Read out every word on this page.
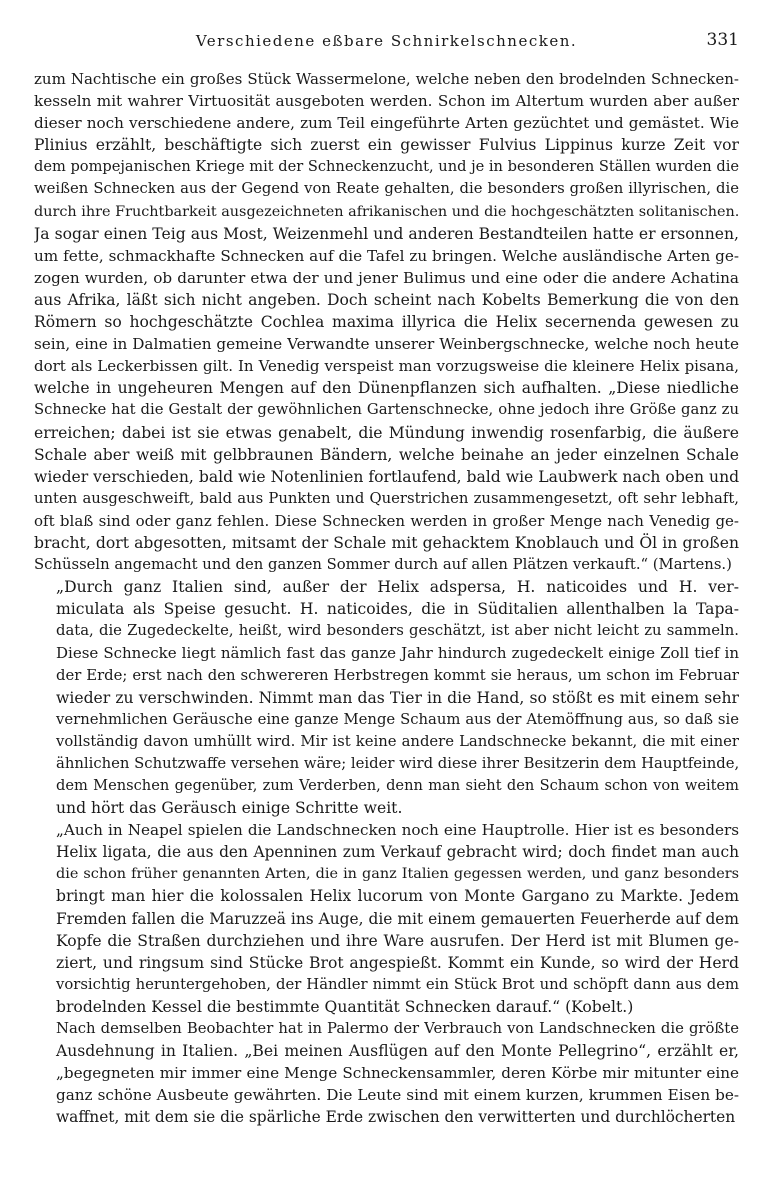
Verschiedene eßbare Schnirkelschnecken.	331

zum Nachtische ein großes Stück Wassermelone, welche neben den brodelnden Schnecken-
kesseln mit wahrer Virtuosität ausgeboten werden. Schon im Altertum wurden aber außer
dieser noch verschiedene andere, zum Teil eingeführte Arten gezüchtet und gemästet. Wie
Plinius erzählt, beschäftigte sich zuerst ein gewisser Fulvius Lippinus kurze Zeit vor
dem pompejanischen Kriege mit der Schneckenzucht, und je in besonderen Ställen wurden die
weißen Schnecken aus der Gegend von Reate gehalten, die besonders großen illyrischen, die
durch ihre Fruchtbarkeit ausgezeichneten afrikanischen und die hochgeschätzten solitanischen.
Ja sogar einen Teig aus Most, Weizenmehl und anderen Bestandteilen hatte er ersonnen,
um fette, schmackhafte Schnecken auf die Tafel zu bringen. Welche ausländische Arten ge-
zogen wurden, ob darunter etwa der und jener Bulimus und eine oder die andere Achatina
aus Afrika, läßt sich nicht angeben. Doch scheint nach Kobelts Bemerkung die von den
Römern so hochgeschätzte Cochlea maxima illyrica die Helix secernenda gewesen zu
sein, eine in Dalmatien gemeine Verwandte unserer Weinbergschnecke, welche noch heute
dort als Leckerbissen gilt. In Venedig verspeist man vorzugsweise die kleinere Helix pisana,
welche in ungeheuren Mengen auf den Dünenpflanzen sich aufhalten. „Diese niedliche
Schnecke hat die Gestalt der gewöhnlichen Gartenschnecke, ohne jedoch ihre Größe ganz zu
erreichen; dabei ist sie etwas genabelt, die Mündung inwendig rosenfarbig, die äußere
Schale aber weiß mit gelbbraunen Bändern, welche beinahe an jeder einzelnen Schale
wieder verschieden, bald wie Notenlinien fortlaufend, bald wie Laubwerk nach oben und
unten ausgeschweift, bald aus Punkten und Querstrichen zusammengesetzt, oft sehr lebhaft,
oft blaß sind oder ganz fehlen. Diese Schnecken werden in großer Menge nach Venedig ge-
bracht, dort abgesotten, mitsamt der Schale mit gehacktem Knoblauch und Öl in großen
Schüsseln angemacht und den ganzen Sommer durch auf allen Plätzen verkauft.“ (Martens.)

„Durch ganz Italien sind, außer der Helix adspersa, H. naticoides und H. ver-
miculata als Speise gesucht. H. naticoides, die in Süditalien allenthalben la Tapa-
data, die Zugedeckelte, heißt, wird besonders geschätzt, ist aber nicht leicht zu sammeln.
Diese Schnecke liegt nämlich fast das ganze Jahr hindurch zugedeckelt einige Zoll tief in
der Erde; erst nach den schwereren Herbstregen kommt sie heraus, um schon im Februar
wieder zu verschwinden. Nimmt man das Tier in die Hand, so stößt es mit einem sehr
vernehmlichen Geräusche eine ganze Menge Schaum aus der Atemöffnung aus, so daß sie
vollständig davon umhüllt wird. Mir ist keine andere Landschnecke bekannt, die mit einer
ähnlichen Schutzwaffe versehen wäre; leider wird diese ihrer Besitzerin dem Hauptfeinde,
dem Menschen gegenüber, zum Verderben, denn man sieht den Schaum schon von weitem
und hört das Geräusch einige Schritte weit.

„Auch in Neapel spielen die Landschnecken noch eine Hauptrolle. Hier ist es besonders
Helix ligata, die aus den Apenninen zum Verkauf gebracht wird; doch findet man auch
die schon früher genannten Arten, die in ganz Italien gegessen werden, und ganz besonders
bringt man hier die kolossalen Helix lucorum von Monte Gargano zu Markte. Jedem
Fremden fallen die Maruzzeä ins Auge, die mit einem gemauerten Feuerherde auf dem
Kopfe die Straßen durchziehen und ihre Ware ausrufen. Der Herd ist mit Blumen ge-
ziert, und ringsum sind Stücke Brot angespießt. Kommt ein Kunde, so wird der Herd
vorsichtig heruntergehoben, der Händler nimmt ein Stück Brot und schöpft dann aus dem
brodelnden Kessel die bestimmte Quantität Schnecken darauf.“ (Kobelt.)

Nach demselben Beobachter hat in Palermo der Verbrauch von Landschnecken die größte
Ausdehnung in Italien. „Bei meinen Ausflügen auf den Monte Pellegrino“, erzählt er,
„begegneten mir immer eine Menge Schneckensammler, deren Körbe mir mitunter eine
ganz schöne Ausbeute gewährten. Die Leute sind mit einem kurzen, krummen Eisen be-
waffnet, mit dem sie die spärliche Erde zwischen den verwitterten und durchlöcherten
